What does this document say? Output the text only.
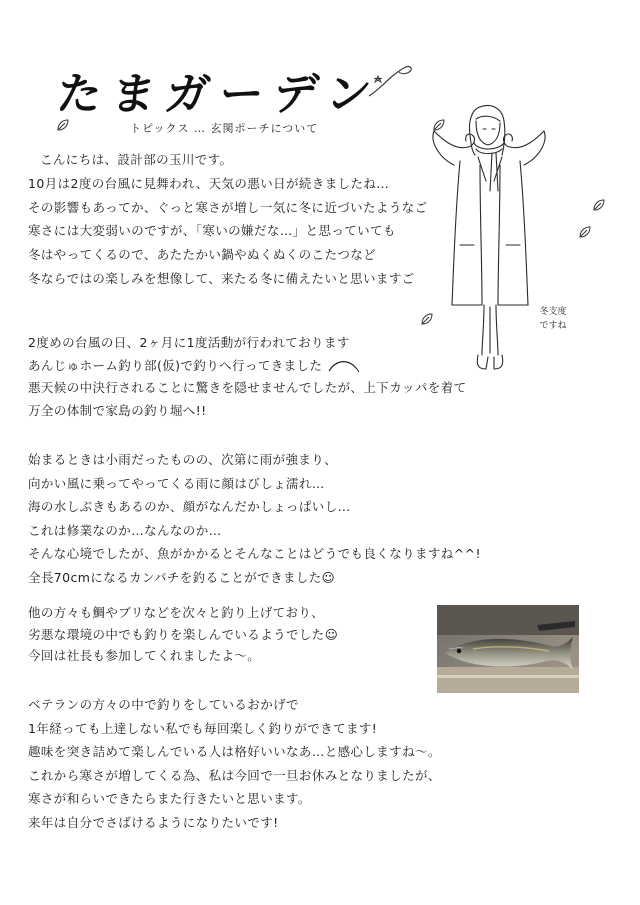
たまガーデン
トピックス … 玄関ポーチについて
こんにちは、設計部の玉川です。
10月は2度の台風に見舞われ、天気の悪い日が続きましたね…
その影響もあってか、ぐっと寒さが増し一気に冬に近づいたようなご
寒さには大変弱いのですが、「寒いの嫌だな…」と思っていても
冬はやってくるので、あたたかい鍋やぬくぬくのこたつなど
冬ならではの楽しみを想像して、来たる冬に備えたいと思いますご
2度めの台風の日、2ヶ月に1度活動が行われております
あんじゅホーム釣り部(仮)で釣りへ行ってきました
悪天候の中決行されることに驚きを隠せませんでしたが、上下カッパを着て
万全の体制で家島の釣り堀へ!!
始まるときは小雨だったものの、次第に雨が強まり、
向かい風に乗ってやってくる雨に顔はびしょ濡れ…
海の水しぶきもあるのか、顔がなんだかしょっぱいし…
これは修業なのか…なんなのか…
そんな心境でしたが、魚がかかるとそんなことはどうでも良くなりますね^^!
全長70cmになるカンパチを釣ることができました☺
他の方々も鯛やブリなどを次々と釣り上げており、
劣悪な環境の中でも釣りを楽しんでいるようでした☺
今回は社長も参加してくれましたよ～。
ベテランの方々の中で釣りをしているおかげで
1年経っても上達しない私でも毎回楽しく釣りができてます!
趣味を突き詰めて楽しんでいる人は格好いいなあ…と感心しますね～。
これから寒さが増してくる為、私は今回で一旦お休みとなりましたが、
寒さが和らいできたらまた行きたいと思います。
来年は自分でさばけるようになりたいです!
冬支度
ですね
